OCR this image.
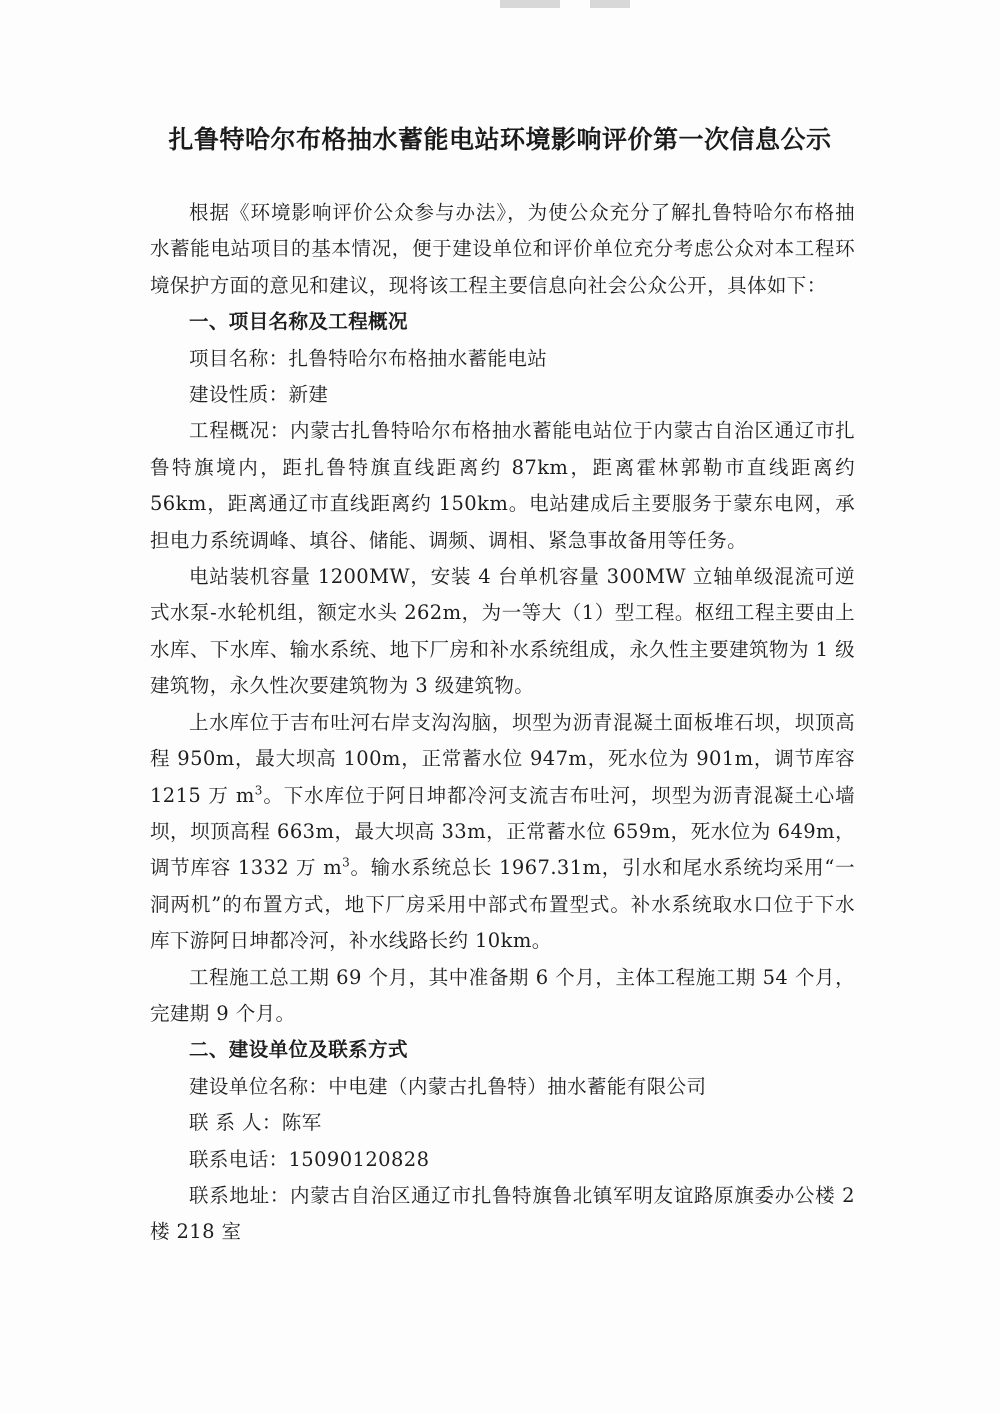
扎鲁特哈尔布格抽水蓄能电站环境影响评价第一次信息公示

根据《环境影响评价公众参与办法》，为使公众充分了解扎鲁特哈尔布格抽水蓄能电站项目的基本情况，便于建设单位和评价单位充分考虑公众对本工程环境保护方面的意见和建议，现将该工程主要信息向社会公众公开，具体如下：

一、项目名称及工程概况

项目名称：扎鲁特哈尔布格抽水蓄能电站

建设性质：新建

工程概况：内蒙古扎鲁特哈尔布格抽水蓄能电站位于内蒙古自治区通辽市扎鲁特旗境内，距扎鲁特旗直线距离约 87km，距离霍林郭勒市直线距离约 56km，距离通辽市直线距离约 150km。电站建成后主要服务于蒙东电网，承担电力系统调峰、填谷、储能、调频、调相、紧急事故备用等任务。

电站装机容量 1200MW，安装 4 台单机容量 300MW 立轴单级混流可逆式水泵-水轮机组，额定水头 262m，为一等大（1）型工程。枢纽工程主要由上水库、下水库、输水系统、地下厂房和补水系统组成，永久性主要建筑物为 1 级建筑物，永久性次要建筑物为 3 级建筑物。

上水库位于吉布吐河右岸支沟沟脑，坝型为沥青混凝土面板堆石坝，坝顶高程 950m，最大坝高 100m，正常蓄水位 947m，死水位为 901m，调节库容 1215 万 $m^3$。下水库位于阿日坤都冷河支流吉布吐河，坝型为沥青混凝土心墙坝，坝顶高程 663m，最大坝高 33m，正常蓄水位 659m，死水位为 649m，调节库容 1332 万 $m^3$。输水系统总长 1967.31m，引水和尾水系统均采用“一洞两机”的布置方式，地下厂房采用中部式布置型式。补水系统取水口位于下水库下游阿日坤都冷河，补水线路长约 10km。

工程施工总工期 69 个月，其中准备期 6 个月，主体工程施工期 54 个月，完建期 9 个月。

二、建设单位及联系方式

建设单位名称：中电建（内蒙古扎鲁特）抽水蓄能有限公司

联 系 人：陈军

联系电话：15090120828

联系地址：内蒙古自治区通辽市扎鲁特旗鲁北镇军明友谊路原旗委办公楼 2 楼 218 室
